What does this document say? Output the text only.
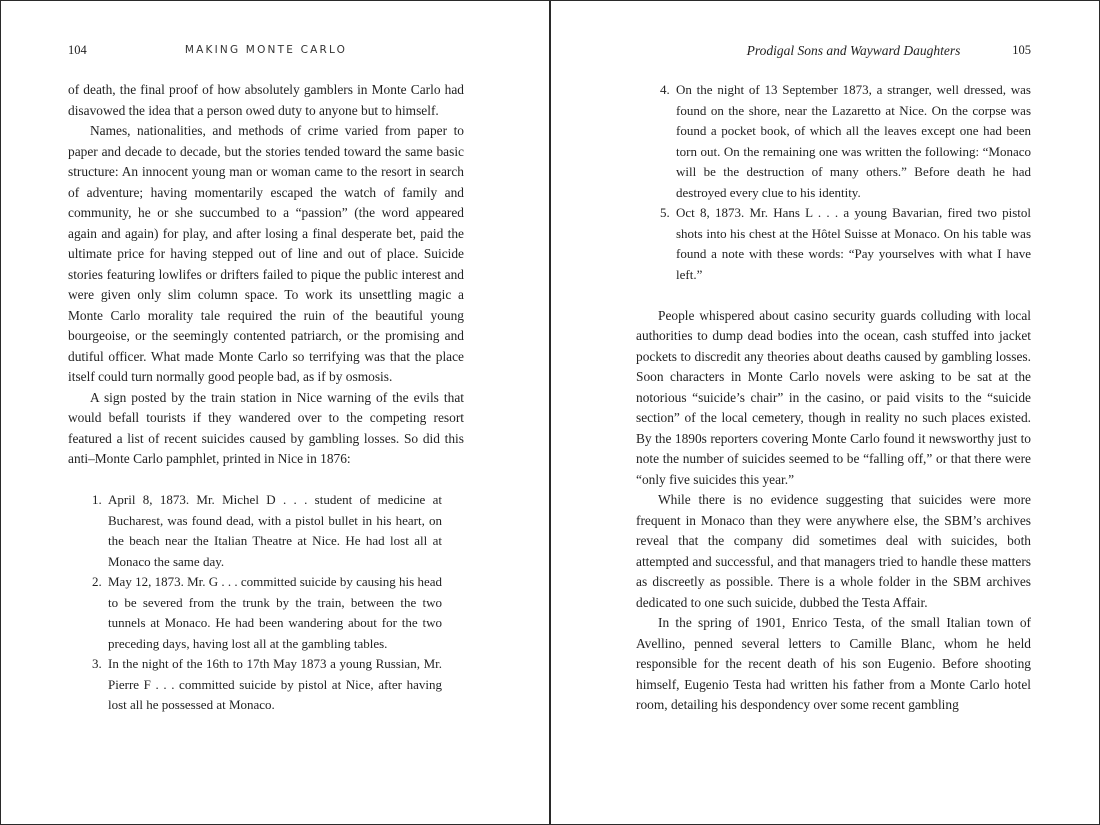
104	MAKING MONTE CARLO

of death, the final proof of how absolutely gamblers in Monte Carlo had disavowed the idea that a person owed duty to anyone but to himself.

Names, nationalities, and methods of crime varied from paper to paper and decade to decade, but the stories tended toward the same basic structure: An innocent young man or woman came to the resort in search of adventure; having momentarily escaped the watch of family and community, he or she succumbed to a “passion” (the word appeared again and again) for play, and after losing a final desperate bet, paid the ultimate price for having stepped out of line and out of place. Suicide stories featuring lowlifes or drifters failed to pique the public interest and were given only slim column space. To work its unsettling magic a Monte Carlo morality tale required the ruin of the beautiful young bourgeoise, or the seemingly contented patriarch, or the promising and dutiful officer. What made Monte Carlo so terrifying was that the place itself could turn normally good people bad, as if by osmosis.

A sign posted by the train station in Nice warning of the evils that would befall tourists if they wandered over to the competing resort featured a list of recent suicides caused by gambling losses. So did this anti–Monte Carlo pamphlet, printed in Nice in 1876:

1. April 8, 1873. Mr. Michel D . . . student of medicine at Bucharest, was found dead, with a pistol bullet in his heart, on the beach near the Italian Theatre at Nice. He had lost all at Monaco the same day.
2. May 12, 1873. Mr. G . . . committed suicide by causing his head to be severed from the trunk by the train, between the two tunnels at Monaco. He had been wandering about for the two preceding days, having lost all at the gambling tables.
3. In the night of the 16th to 17th May 1873 a young Russian, Mr. Pierre F . . . committed suicide by pistol at Nice, after having lost all he possessed at Monaco.
Prodigal Sons and Wayward Daughters	105
4. On the night of 13 September 1873, a stranger, well dressed, was found on the shore, near the Lazaretto at Nice. On the corpse was found a pocket book, of which all the leaves except one had been torn out. On the remaining one was written the following: “Monaco will be the destruction of many others.” Before death he had destroyed every clue to his identity.
5. Oct 8, 1873. Mr. Hans L . . . a young Bavarian, fired two pistol shots into his chest at the Hôtel Suisse at Monaco. On his table was found a note with these words: “Pay yourselves with what I have left.”

People whispered about casino security guards colluding with local authorities to dump dead bodies into the ocean, cash stuffed into jacket pockets to discredit any theories about deaths caused by gambling losses. Soon characters in Monte Carlo novels were asking to be sat at the notorious “suicide’s chair” in the casino, or paid visits to the “suicide section” of the local cemetery, though in reality no such places existed. By the 1890s reporters covering Monte Carlo found it newsworthy just to note the number of suicides seemed to be “falling off,” or that there were “only five suicides this year.”

While there is no evidence suggesting that suicides were more frequent in Monaco than they were anywhere else, the SBM’s archives reveal that the company did sometimes deal with suicides, both attempted and successful, and that managers tried to handle these matters as discreetly as possible. There is a whole folder in the SBM archives dedicated to one such suicide, dubbed the Testa Affair.

In the spring of 1901, Enrico Testa, of the small Italian town of Avellino, penned several letters to Camille Blanc, whom he held responsible for the recent death of his son Eugenio. Before shooting himself, Eugenio Testa had written his father from a Monte Carlo hotel room, detailing his despondency over some recent gambling
